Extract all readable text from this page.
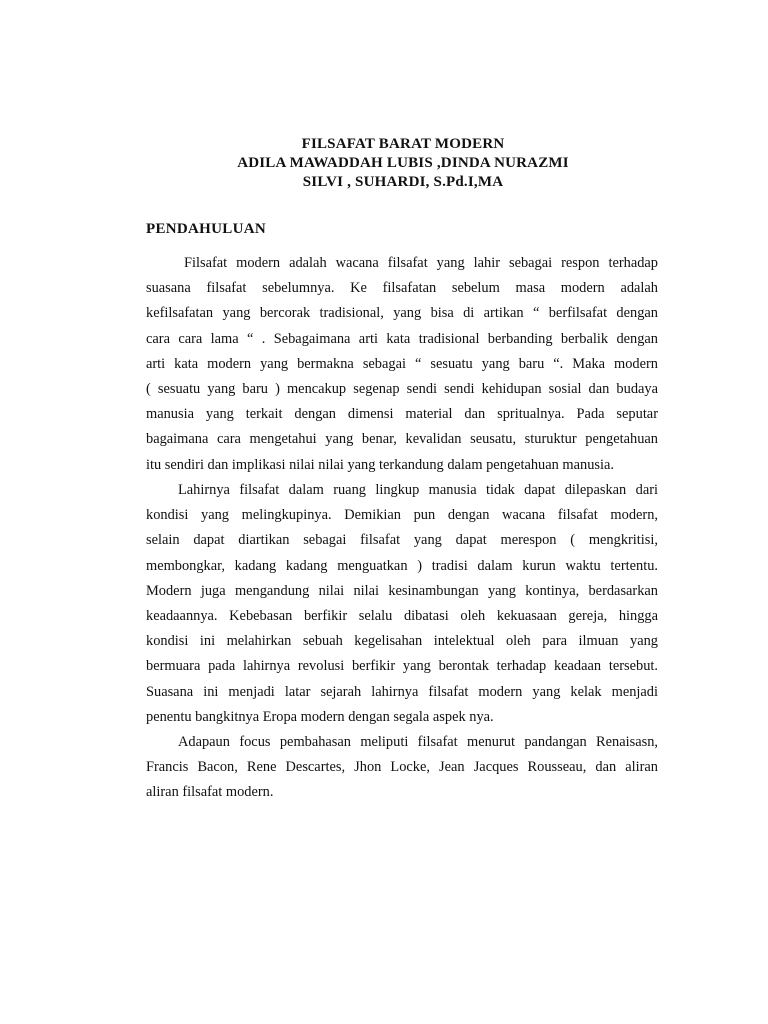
FILSAFAT BARAT MODERN
ADILA MAWADDAH LUBIS ,DINDA NURAZMI
SILVI , SUHARDI, S.Pd.I,MA
PENDAHULUAN
Filsafat modern adalah wacana filsafat yang lahir sebagai respon terhadap
suasana filsafat sebelumnya. Ke filsafatan sebelum masa modern adalah
kefilsafatan yang bercorak tradisional, yang bisa di artikan “ berfilsafat dengan
cara cara lama “ . Sebagaimana arti kata tradisional berbanding berbalik dengan
arti kata modern yang bermakna sebagai “ sesuatu yang baru “. Maka modern
( sesuatu yang baru ) mencakup segenap sendi sendi kehidupan sosial dan budaya
manusia yang terkait dengan dimensi material dan spritualnya. Pada seputar
bagaimana cara mengetahui yang benar, kevalidan seusatu, sturuktur pengetahuan
itu sendiri dan implikasi nilai nilai yang terkandung dalam pengetahuan manusia.
Lahirnya filsafat dalam ruang lingkup manusia tidak dapat dilepaskan dari
kondisi yang melingkupinya. Demikian pun dengan wacana filsafat modern,
selain dapat diartikan sebagai filsafat yang dapat merespon ( mengkritisi,
membongkar, kadang kadang menguatkan ) tradisi dalam kurun waktu tertentu.
Modern juga mengandung nilai nilai kesinambungan yang kontinya, berdasarkan
keadaannya. Kebebasan berfikir selalu dibatasi oleh kekuasaan gereja, hingga
kondisi ini melahirkan sebuah kegelisahan intelektual oleh para ilmuan yang
bermuara pada lahirnya revolusi berfikir yang berontak terhadap keadaan tersebut.
Suasana ini menjadi latar sejarah lahirnya filsafat modern yang kelak menjadi
penentu bangkitnya Eropa modern dengan segala aspek nya.
Adapaun focus pembahasan meliputi filsafat menurut pandangan Renaisasn,
Francis Bacon, Rene Descartes, Jhon Locke, Jean Jacques Rousseau, dan aliran
aliran filsafat modern.
